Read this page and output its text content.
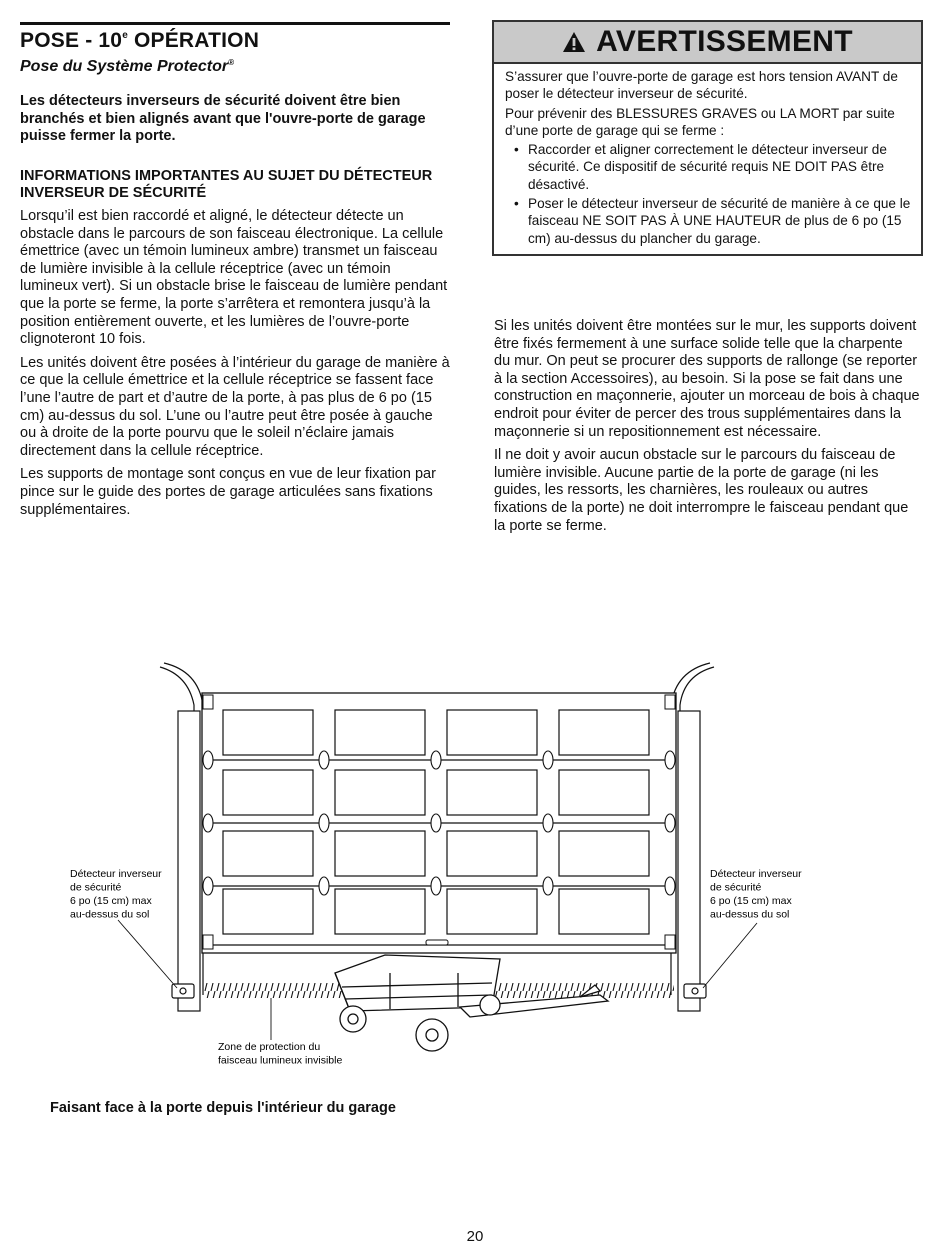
POSE - 10e OPÉRATION
Pose du Système Protector®
Les détecteurs inverseurs de sécurité doivent être bien branchés et bien alignés avant que l'ouvre-porte de garage puisse fermer la porte.
INFORMATIONS IMPORTANTES AU SUJET DU DÉTECTEUR INVERSEUR DE SÉCURITÉ

Lorsqu’il est bien raccordé et aligné, le détecteur détecte un obstacle dans le parcours de son faisceau électronique. La cellule émettrice (avec un témoin lumineux ambre) transmet un faisceau de lumière invisible à la cellule réceptrice (avec un témoin lumineux vert). Si un obstacle brise le faisceau de lumière pendant que la porte se ferme, la porte s’arrêtera et remontera jusqu’à la position entièrement ouverte, et les lumières de l’ouvre-porte clignoteront 10 fois.

Les unités doivent être posées à l’intérieur du garage de manière à ce que la cellule émettrice et la cellule réceptrice se fassent face l’une l’autre de part et d’autre de la porte, à pas plus de 6 po (15 cm) au-dessus du sol. L’une ou l’autre peut être posée à gauche ou à droite de la porte pourvu que le soleil n’éclaire jamais directement dans la cellule réceptrice.

Les supports de montage sont conçus en vue de leur fixation par pince sur le guide des portes de garage articulées sans fixations supplémentaires.

AVERTISSEMENT

S’assurer que l’ouvre-porte de garage est hors tension AVANT de poser le détecteur inverseur de sécurité.

Pour prévenir des BLESSURES GRAVES ou LA MORT par suite d’une porte de garage qui se ferme :

• Raccorder et aligner correctement le détecteur inverseur de sécurité. Ce dispositif de sécurité requis NE DOIT PAS être désactivé.
• Poser le détecteur inverseur de sécurité de manière à ce que le faisceau NE SOIT PAS À UNE HAUTEUR de plus de 6 po (15 cm) au-dessus du plancher du garage.

Si les unités doivent être montées sur le mur, les supports doivent être fixés fermement à une surface solide telle que la charpente du mur. On peut se procurer des supports de rallonge (se reporter à la section Accessoires), au besoin. Si la pose se fait dans une construction en maçonnerie, ajouter un morceau de bois à chaque endroit pour éviter de percer des trous supplémentaires dans la maçonnerie si un repositionnement est nécessaire.

Il ne doit y avoir aucun obstacle sur le parcours du faisceau de lumière invisible. Aucune partie de la porte de garage (ni les guides, les ressorts, les charnières, les rouleaux ou autres fixations de la porte) ne doit interrompre le faisceau pendant que la porte se ferme.

Détecteur inverseur de sécurité 6 po (15 cm) max au-dessus du sol
Détecteur inverseur de sécurité 6 po (15 cm) max au-dessus du sol
Zone de protection du faisceau lumineux invisible
Faisant face à la porte depuis l'intérieur du garage
20
